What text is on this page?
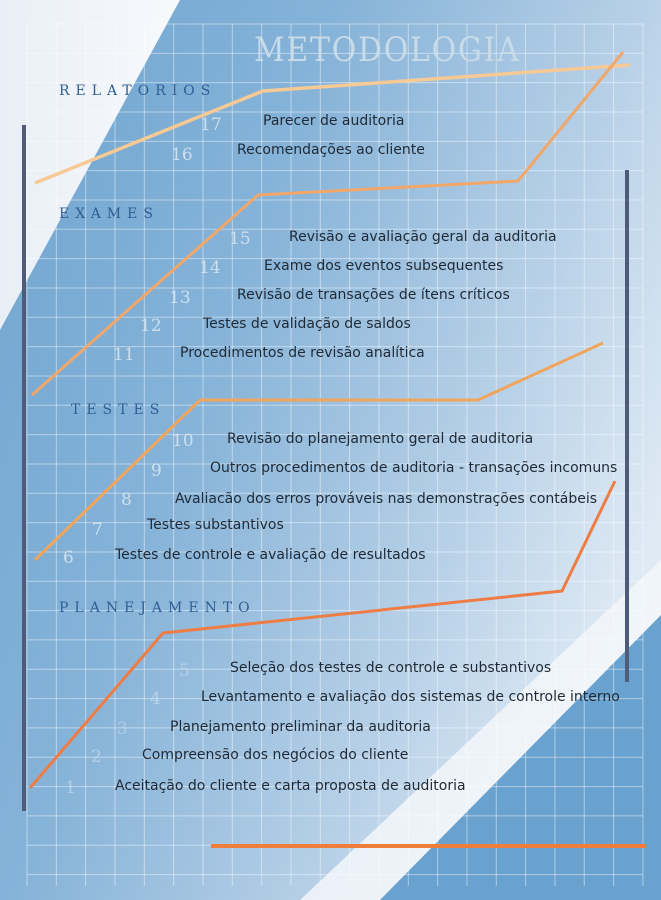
METODOLOGIA
RELATORIOS
17	Parecer de auditoria
16	Recomendações ao cliente
EXAMES
15	Revisão e avaliação geral da auditoria
14	Exame dos eventos subsequentes
13	Revisão de transações de ítens críticos
12	Testes de validação de saldos
11	Procedimentos de revisão analítica
TESTES
10 Revisão do planejamento geral de auditoria
9	Outros procedimentos de auditoria - transações incomuns
8	Avaliacão dos erros prováveis nas demonstrações contábeis
7	Testes substantivos
6	Testes de controle e avaliação de resultados
PLANEJAMENTO
5	Seleção dos testes de controle e substantivos
4	Levantamento e avaliação dos sistemas de controle interno
3	Planejamento preliminar da auditoria
2	Compreensão dos negócios do cliente
1	Aceitação do cliente e carta proposta de auditoria
